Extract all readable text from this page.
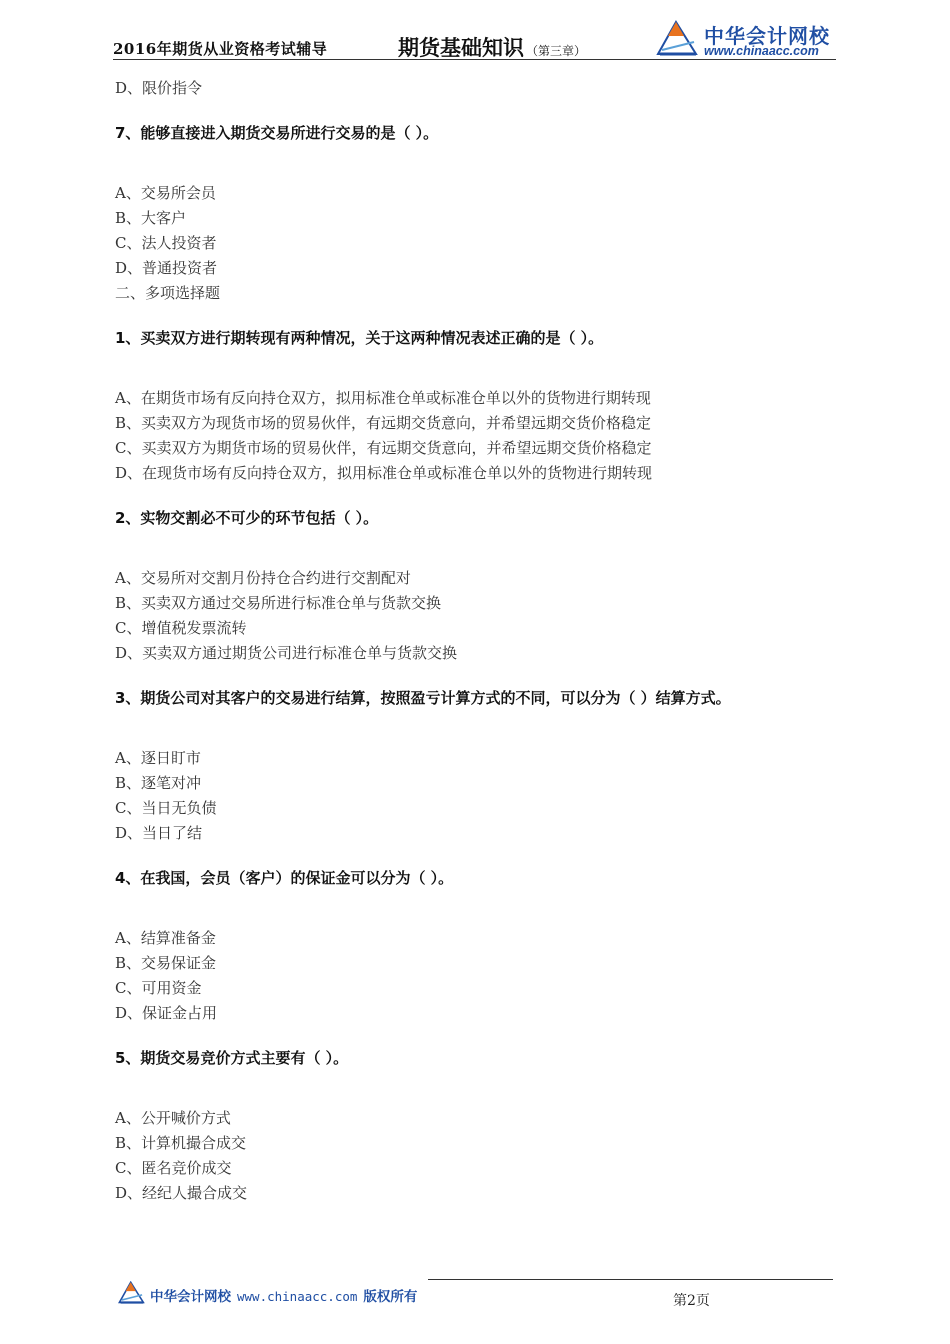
2016年期货从业资格考试辅导	期货基础知识 （第三章）
中华会计网校
www.chinaacc.com
D、限价指令
7、能够直接进入期货交易所进行交易的是（ ）。
A、交易所会员
B、大客户
C、法人投资者
D、普通投资者
二、多项选择题
1、买卖双方进行期转现有两种情况，关于这两种情况表述正确的是（ ）。
A、在期货市场有反向持仓双方，拟用标准仓单或标准仓单以外的货物进行期转现
B、买卖双方为现货市场的贸易伙伴，有远期交货意向，并希望远期交货价格稳定
C、买卖双方为期货市场的贸易伙伴，有远期交货意向，并希望远期交货价格稳定
D、在现货市场有反向持仓双方，拟用标准仓单或标准仓单以外的货物进行期转现
2、实物交割必不可少的环节包括（ ）。
A、交易所对交割月份持仓合约进行交割配对
B、买卖双方通过交易所进行标准仓单与货款交换
C、增值税发票流转
D、买卖双方通过期货公司进行标准仓单与货款交换
3、期货公司对其客户的交易进行结算，按照盈亏计算方式的不同，可以分为（ ）结算方式。
A、逐日盯市
B、逐笔对冲
C、当日无负债
D、当日了结
4、在我国，会员（客户）的保证金可以分为（ ）。
A、结算准备金
B、交易保证金
C、可用资金
D、保证金占用
5、期货交易竞价方式主要有（ ）。
A、公开喊价方式
B、计算机撮合成交
C、匿名竞价成交
D、经纪人撮合成交
中华会计网校 www.chinaacc.com 版权所有	第2页
